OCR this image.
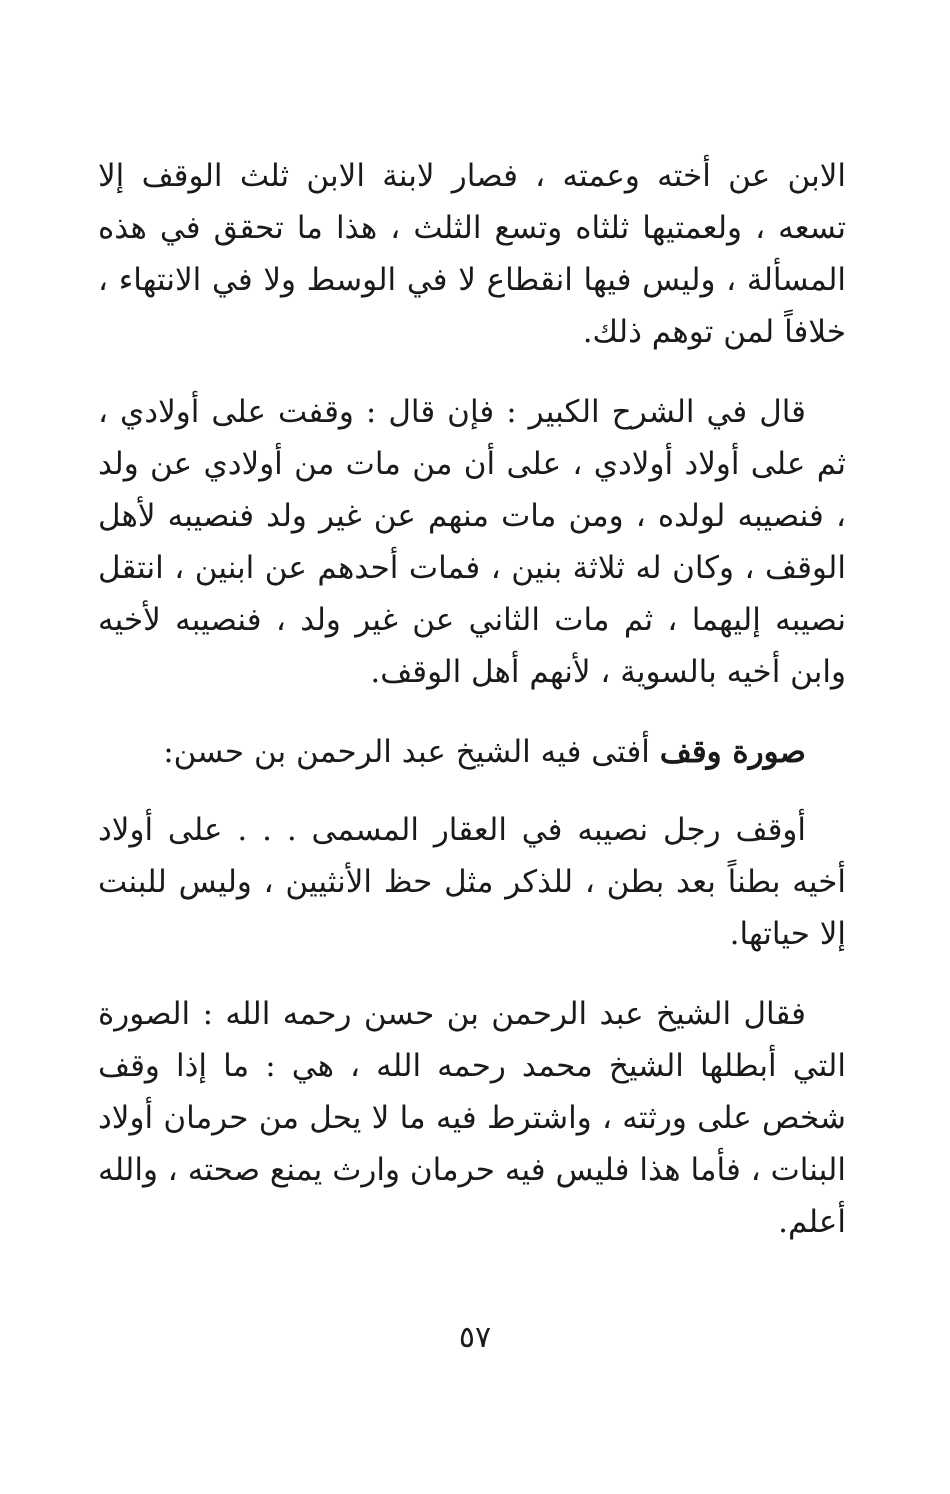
الابن عن أخته وعمته ، فصار لابنة الابن ثلث الوقف إلا تسعه ، ولعمتيها ثلثاه وتسع الثلث ، هذا ما تحقق في هذه المسألة ، وليس فيها انقطاع لا في الوسط ولا في الانتهاء ، خلافاً لمن توهم ذلك.

قال في الشرح الكبير : فإن قال : وقفت على أولادي ، ثم على أولاد أولادي ، على أن من مات من أولادي عن ولد ، فنصيبه لولده ، ومن مات منهم عن غير ولد فنصيبه لأهل الوقف ، وكان له ثلاثة بنين ، فمات أحدهم عن ابنين ، انتقل نصيبه إليهما ، ثم مات الثاني عن غير ولد ، فنصيبه لأخيه وابن أخيه بالسوية ، لأنهم أهل الوقف.

صورة وقف أفتى فيه الشيخ عبد الرحمن بن حسن:

أوقف رجل نصيبه في العقار المسمى . . . على أولاد أخيه بطناً بعد بطن ، للذكر مثل حظ الأنثيين ، وليس للبنت إلا حياتها.

فقال الشيخ عبد الرحمن بن حسن رحمه الله : الصورة التي أبطلها الشيخ محمد رحمه الله ، هي : ما إذا وقف شخص على ورثته ، واشترط فيه ما لا يحل من حرمان أولاد البنات ، فأما هذا فليس فيه حرمان وارث يمنع صحته ، والله أعلم.

٥٧
